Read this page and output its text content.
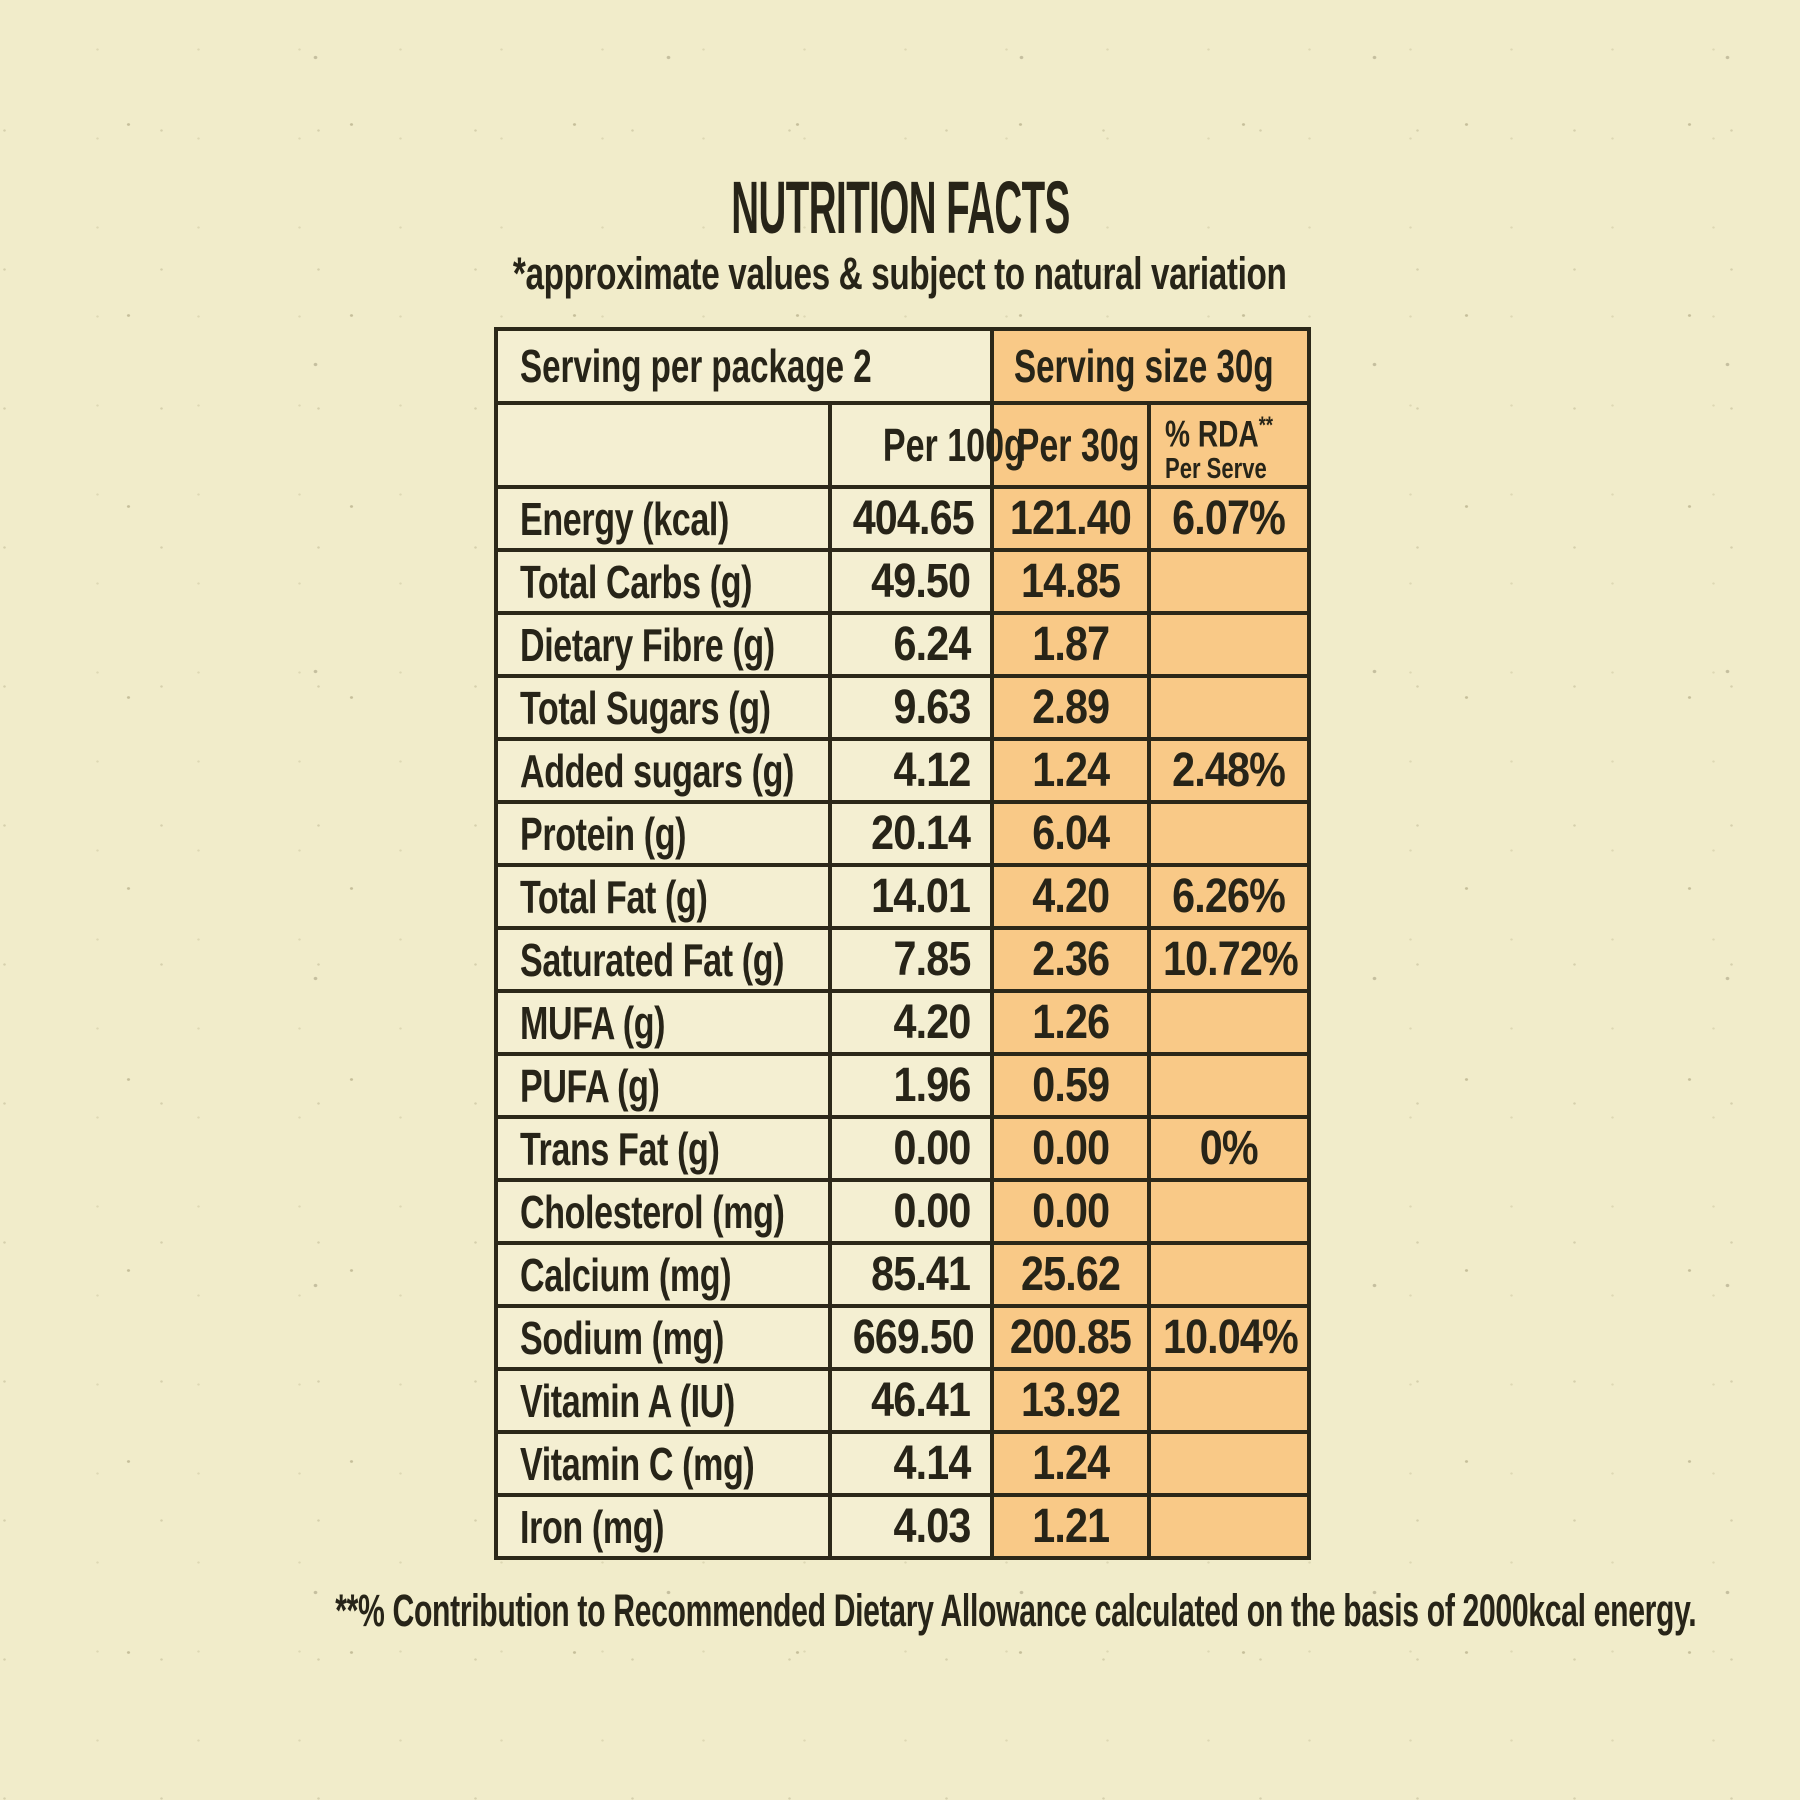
NUTRITION FACTS
*approximate values & subject to natural variation
Serving per package 2		Serving size 30g	
	Per 100g	Per 30g	% RDA** Per Serve
Energy (kcal)	404.65	121.40	6.07%
Total Carbs (g)	49.50	14.85	
Dietary Fibre (g)	6.24	1.87	
Total Sugars (g)	9.63	2.89	
Added sugars (g)	4.12	1.24	2.48%
Protein (g)	20.14	6.04	
Total Fat (g)	14.01	4.20	6.26%
Saturated Fat (g)	7.85	2.36	10.72%
MUFA (g)	4.20	1.26	
PUFA (g)	1.96	0.59	
Trans Fat (g)	0.00	0.00	0%
Cholesterol (mg)	0.00	0.00	
Calcium (mg)	85.41	25.62	
Sodium (mg)	669.50	200.85	10.04%
Vitamin A (IU)	46.41	13.92	
Vitamin C (mg)	4.14	1.24	
Iron (mg)	4.03	1.21	
**% Contribution to Recommended Dietary Allowance calculated on the basis of 2000kcal energy.
